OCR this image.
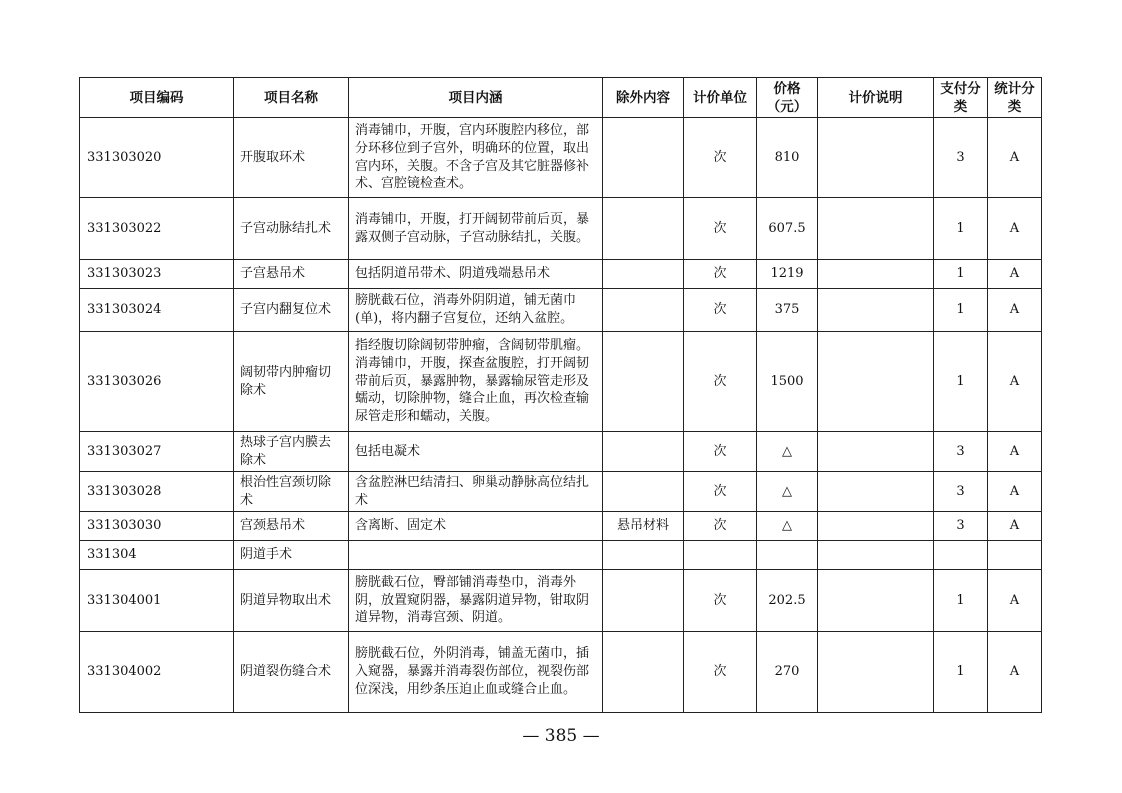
项目编码	项目名称	项目内涵	除外内容	计价单位	价格（元）	计价说明	支付分类	统计分类
331303020	开腹取环术	消毒铺巾，开腹，宫内环腹腔内移位，部分环移位到子宫外，明确环的位置，取出宫内环，关腹。不含子宫及其它脏器修补术、宫腔镜检查术。		次	810		3	A
331303022	子宫动脉结扎术	消毒铺巾，开腹，打开阔韧带前后页，暴露双侧子宫动脉，子宫动脉结扎，关腹。		次	607.5		1	A
331303023	子宫悬吊术	包括阴道吊带术、阴道残端悬吊术		次	1219		1	A
331303024	子宫内翻复位术	膀胱截石位，消毒外阴阴道，铺无菌巾(单)，将内翻子宫复位，还纳入盆腔。		次	375		1	A
331303026	阔韧带内肿瘤切除术	指经腹切除阔韧带肿瘤，含阔韧带肌瘤。消毒铺巾，开腹，探查盆腹腔，打开阔韧带前后页，暴露肿物，暴露输尿管走形及蠕动，切除肿物，缝合止血，再次检查输尿管走形和蠕动，关腹。		次	1500		1	A
331303027	热球子宫内膜去除术	包括电凝术		次	△		3	A
331303028	根治性宫颈切除术	含盆腔淋巴结清扫、卵巢动静脉高位结扎术		次	△		3	A
331303030	宫颈悬吊术	含离断、固定术	悬吊材料	次	△		3	A
331304	阴道手术							
331304001	阴道异物取出术	膀胱截石位，臀部铺消毒垫巾，消毒外阴，放置窥阴器，暴露阴道异物，钳取阴道异物，消毒宫颈、阴道。		次	202.5		1	A
331304002	阴道裂伤缝合术	膀胱截石位，外阴消毒，铺盖无菌巾，插入窥器，暴露并消毒裂伤部位，视裂伤部位深浅，用纱条压迫止血或缝合止血。		次	270		1	A
— 385 —
